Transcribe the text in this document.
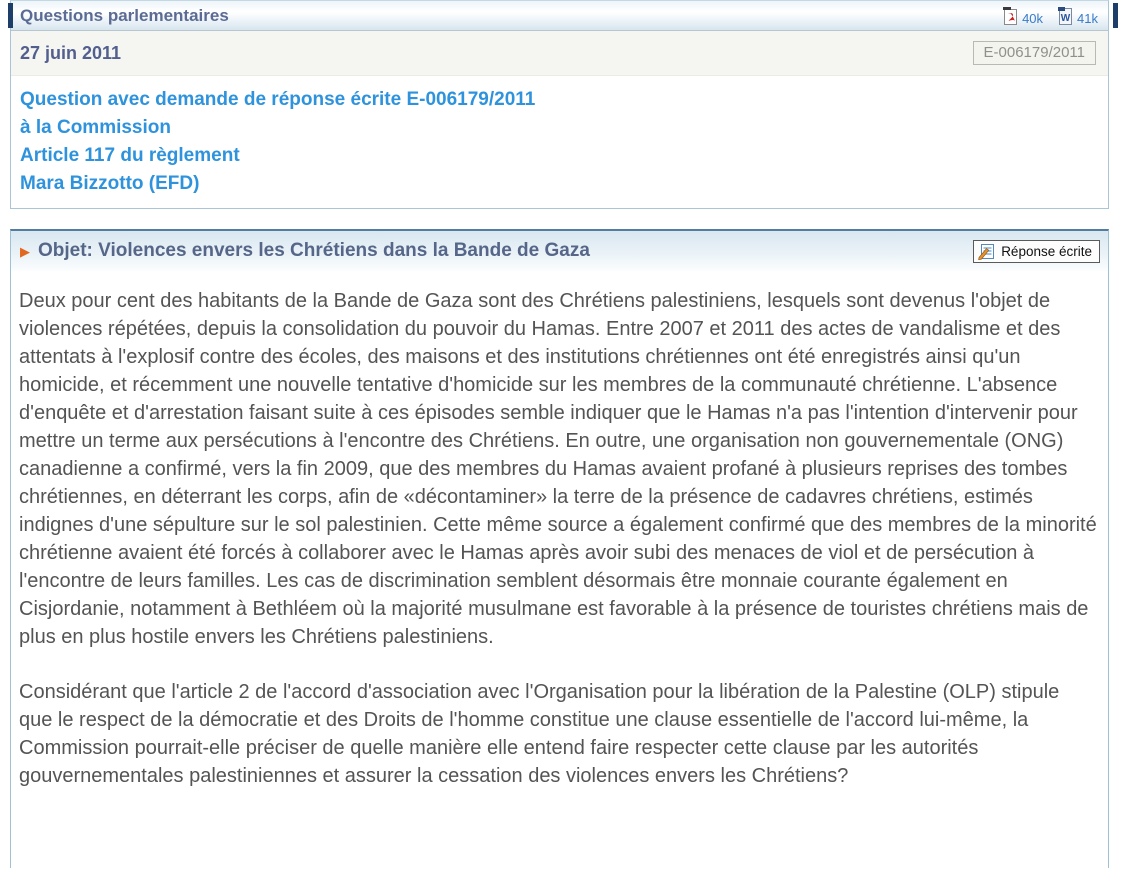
Questions parlementaires	40k W 41k
27 juin 2011	E-006179/2011
Question avec demande de réponse écrite E-006179/2011
à la Commission
Article 117 du règlement
Mara Bizzotto (EFD)
▶ Objet: Violences envers les Chrétiens dans la Bande de Gaza	Réponse écrite

Deux pour cent des habitants de la Bande de Gaza sont des Chrétiens palestiniens, lesquels sont devenus l'objet de violences répétées, depuis la consolidation du pouvoir du Hamas. Entre 2007 et 2011 des actes de vandalisme et des attentats à l'explosif contre des écoles, des maisons et des institutions chrétiennes ont été enregistrés ainsi qu'un homicide, et récemment une nouvelle tentative d'homicide sur les membres de la communauté chrétienne. L'absence d'enquête et d'arrestation faisant suite à ces épisodes semble indiquer que le Hamas n'a pas l'intention d'intervenir pour mettre un terme aux persécutions à l'encontre des Chrétiens. En outre, une organisation non gouvernementale (ONG) canadienne a confirmé, vers la fin 2009, que des membres du Hamas avaient profané à plusieurs reprises des tombes chrétiennes, en déterrant les corps, afin de «décontaminer» la terre de la présence de cadavres chrétiens, estimés indignes d'une sépulture sur le sol palestinien. Cette même source a également confirmé que des membres de la minorité chrétienne avaient été forcés à collaborer avec le Hamas après avoir subi des menaces de viol et de persécution à l'encontre de leurs familles. Les cas de discrimination semblent désormais être monnaie courante également en Cisjordanie, notamment à Bethléem où la majorité musulmane est favorable à la présence de touristes chrétiens mais de plus en plus hostile envers les Chrétiens palestiniens.

Considérant que l'article 2 de l'accord d'association avec l'Organisation pour la libération de la Palestine (OLP) stipule que le respect de la démocratie et des Droits de l'homme constitue une clause essentielle de l'accord lui-même, la Commission pourrait-elle préciser de quelle manière elle entend faire respecter cette clause par les autorités gouvernementales palestiniennes et assurer la cessation des violences envers les Chrétiens?
